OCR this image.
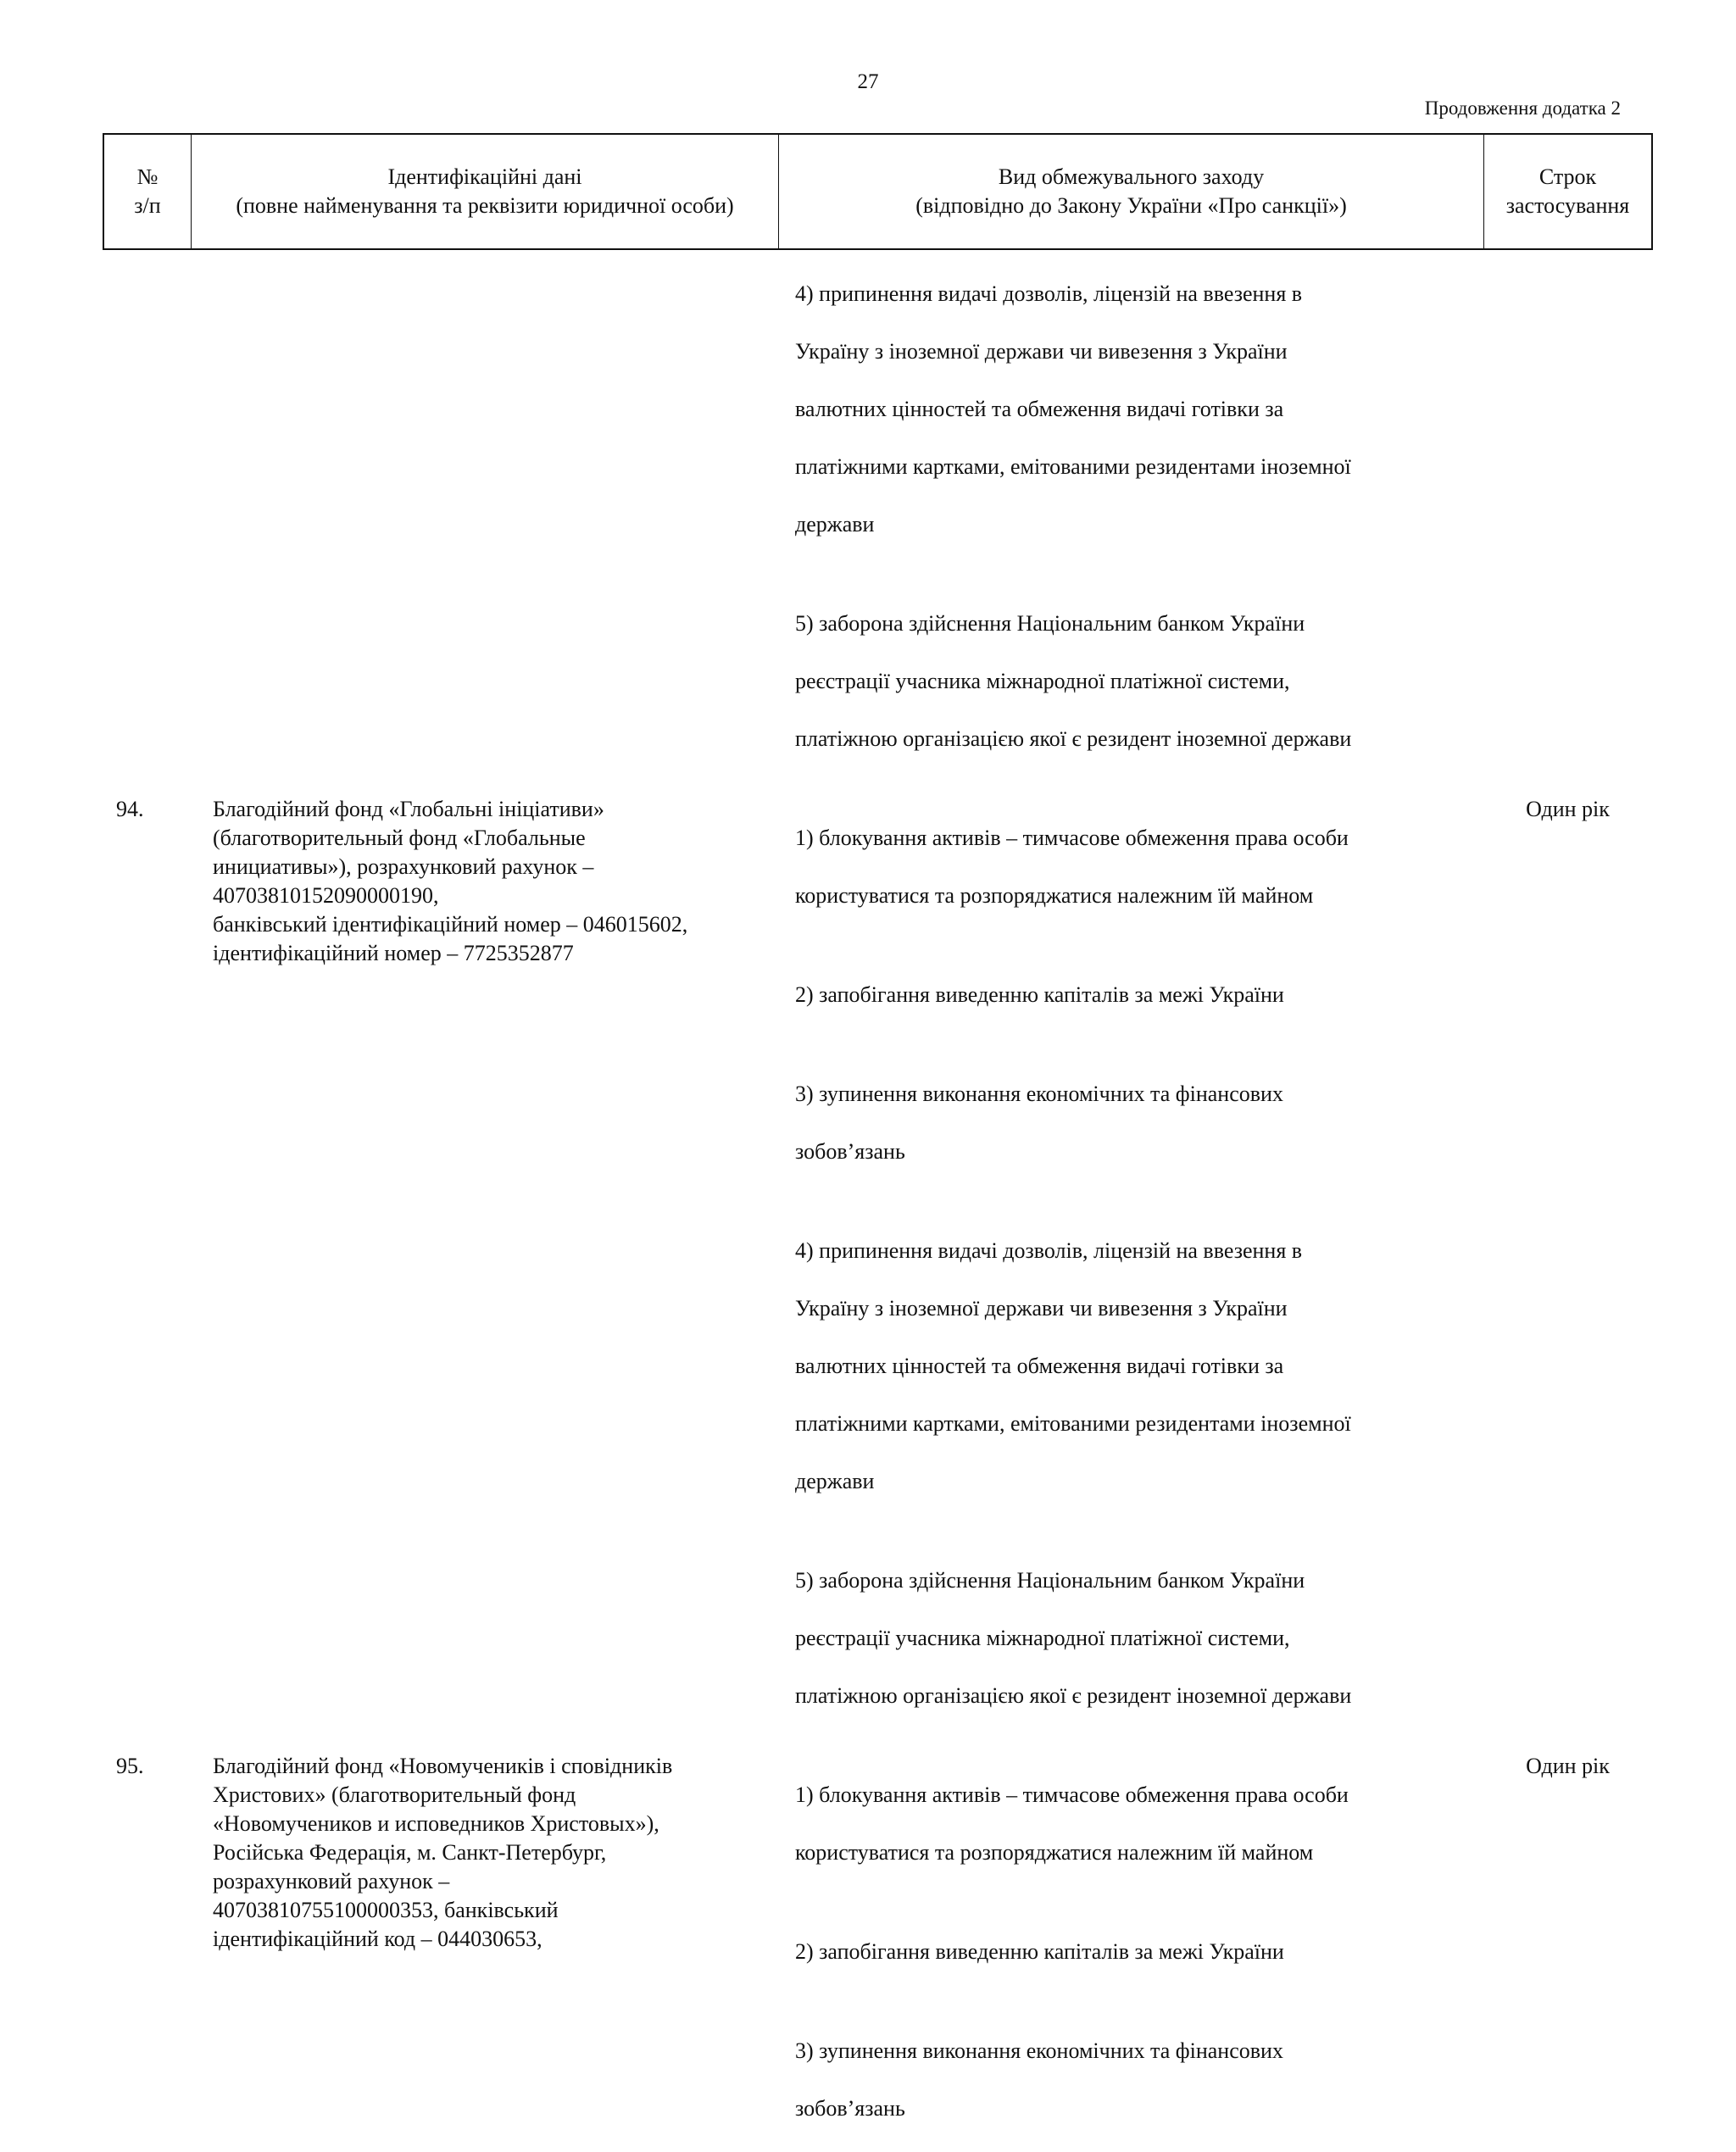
27
Продовження додатка 2
№
з/п
Ідентифікаційні дані
(повне найменування та реквізити юридичної особи)
Вид обмежувального заходу
(відповідно до Закону України «Про санкції»)
Строк
застосування

4) припинення видачі дозволів, ліцензій на ввезення в

Україну з іноземної держави чи вивезення з України

валютних цінностей та обмеження видачі готівки за

платіжними картками, емітованими резидентами іноземної

держави

5) заборона здійснення Національним банком України

реєстрації учасника міжнародної платіжної системи,

платіжною організацією якої є резидент іноземної держави

94.	Благодійний фонд «Глобальні ініціативи»
(благотворительный фонд «Глобальные
инициативы»), розрахунковий рахунок –
40703810152090000190,
банківський ідентифікаційний номер – 046015602,
ідентифікаційний номер – 7725352877

1) блокування активів – тимчасове обмеження права особи

користуватися та розпоряджатися належним їй майном

2) запобігання виведенню капіталів за межі України

3) зупинення виконання економічних та фінансових

зобов’язань

4) припинення видачі дозволів, ліцензій на ввезення в

Україну з іноземної держави чи вивезення з України

валютних цінностей та обмеження видачі готівки за

платіжними картками, емітованими резидентами іноземної

держави

5) заборона здійснення Національним банком України

реєстрації учасника міжнародної платіжної системи,

платіжною організацією якої є резидент іноземної держави

Один рік
95.	Благодійний фонд «Новомучеників і сповідників
Христових» (благотворительный фонд
«Новомучеников и исповедников Христовых»),
Російська Федерація, м. Санкт-Петербург,
розрахунковий рахунок –
40703810755100000353, банківський
ідентифікаційний код – 044030653,

1) блокування активів – тимчасове обмеження права особи

користуватися та розпоряджатися належним їй майном

2) запобігання виведенню капіталів за межі України

3) зупинення виконання економічних та фінансових

зобов’язань

Один рік
